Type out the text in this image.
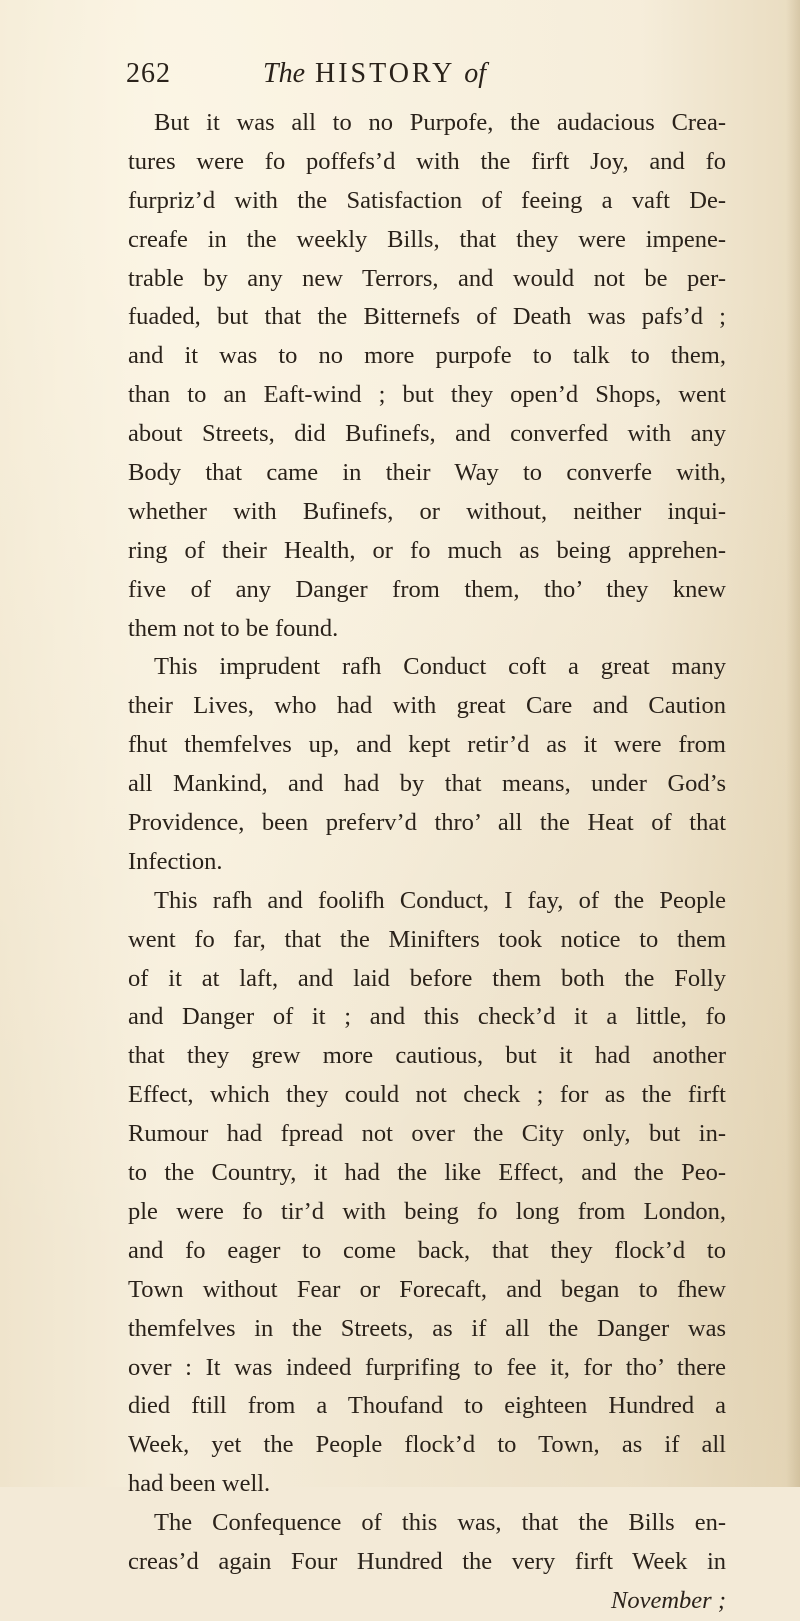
262	The HISTORY of
But it was all to no Purpofe, the audacious Crea-
tures were fo poffefs’d with the firft Joy, and fo
furpriz’d with the Satisfaction of feeing a vaft De-
creafe in the weekly Bills, that they were impene-
trable by any new Terrors, and would not be per-
fuaded, but that the Bitternefs of Death was pafs’d ;
and it was to no more purpofe to talk to them,
than to an Eaft-wind ; but they open’d Shops, went
about Streets, did Bufinefs, and converfed with any
Body that came in their Way to converfe with,
whether with Bufinefs, or without, neither inqui-
ring of their Health, or fo much as being apprehen-
five of any Danger from them, tho’ they knew
them not to be found.
This imprudent rafh Conduct coft a great many
their Lives, who had with great Care and Caution
fhut themfelves up, and kept retir’d as it were from
all Mankind, and had by that means, under God’s
Providence, been preferv’d thro’ all the Heat of that
Infection.
This rafh and foolifh Conduct, I fay, of the People
went fo far, that the Minifters took notice to them
of it at laft, and laid before them both the Folly
and Danger of it ; and this check’d it a little, fo
that they grew more cautious, but it had another
Effect, which they could not check ; for as the firft
Rumour had fpread not over the City only, but in-
to the Country, it had the like Effect, and the Peo-
ple were fo tir’d with being fo long from London,
and fo eager to come back, that they flock’d to
Town without Fear or Forecaft, and began to fhew
themfelves in the Streets, as if all the Danger was
over : It was indeed furprifing to fee it, for tho’ there
died ftill from a Thoufand to eighteen Hundred a
Week, yet the People flock’d to Town, as if all
had been well.
The Confequence of this was, that the Bills en-
creas’d again Four Hundred the very firft Week in
November ;
